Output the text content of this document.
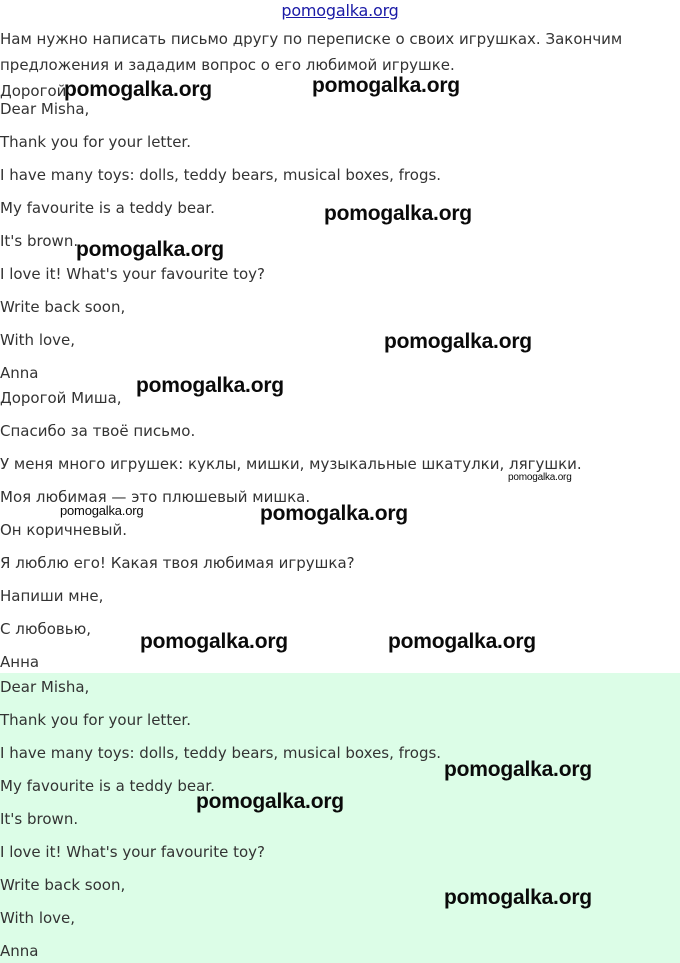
pomogalka.org

Нам нужно написать письмо другу по переписке о своих игрушках. Закончим

предложения и зададим вопрос о его любимой игрушке.

Дорогой

Dear Misha,

Thank you for your letter.

I have many toys: dolls, teddy bears, musical boxes, frogs.

My favourite is a teddy bear.

It's brown.

I love it! What's your favourite toy?

Write back soon,

With love,

Anna

Дорогой Миша,

Спасибо за твоё письмо.

У меня много игрушек: куклы, мишки, музыкальные шкатулки, лягушки.

Моя любимая — это плюшевый мишка.

Он коричневый.

Я люблю его! Какая твоя любимая игрушка?

Напиши мне,

С любовью,

Анна

Dear Misha,

Thank you for your letter.

I have many toys: dolls, teddy bears, musical boxes, frogs.

My favourite is a teddy bear.

It's brown.

I love it! What's your favourite toy?

Write back soon,

With love,

Anna

pomogalka.org	pomogalka.org
pomogalka.org
pomogalka.org
pomogalka.org
pomogalka.org
pomogalka.org
pomogalka.org	pomogalka.org
pomogalka.org	pomogalka.org
pomogalka.org
pomogalka.org
pomogalka.org
